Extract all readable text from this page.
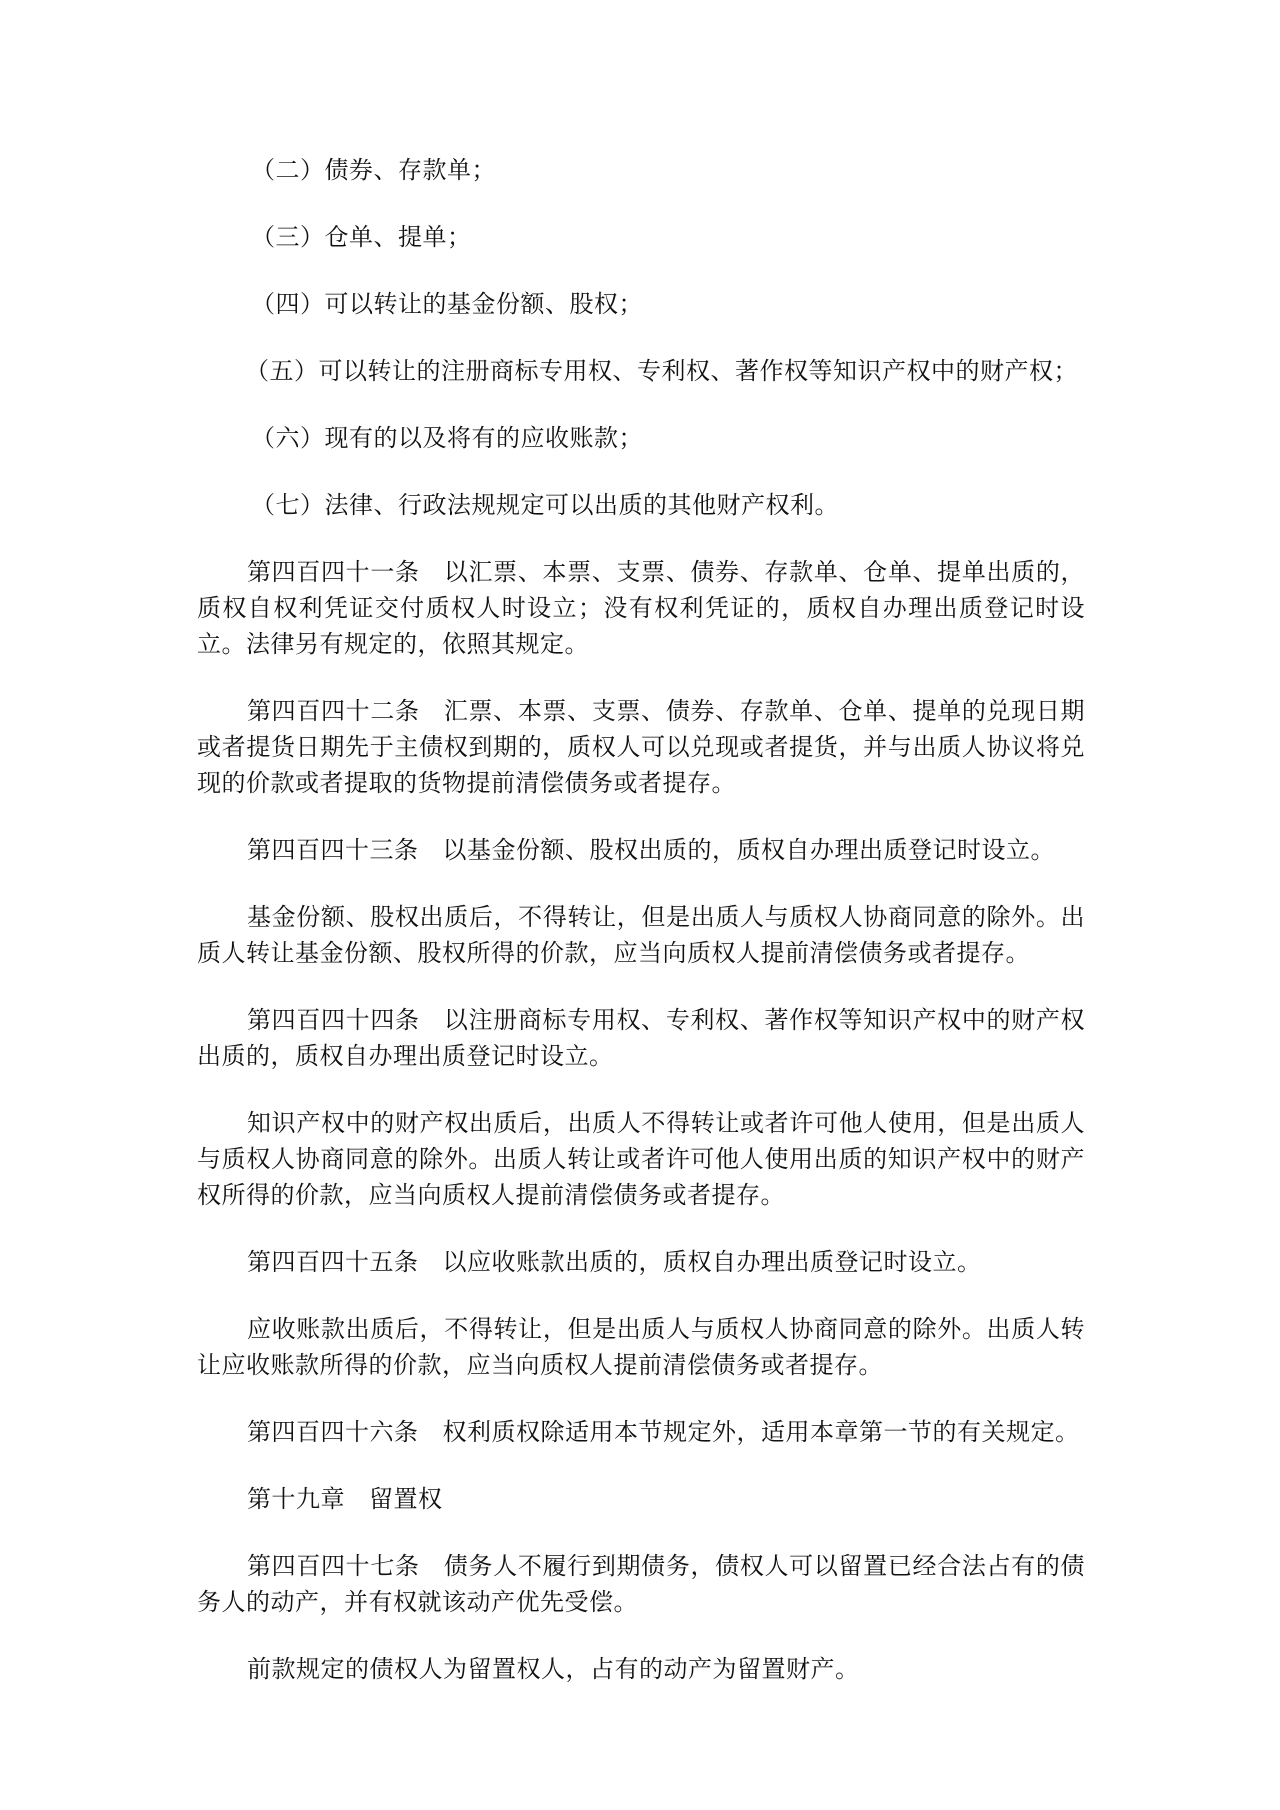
（二）债券、存款单；
（三）仓单、提单；
（四）可以转让的基金份额、股权；
（五）可以转让的注册商标专用权、专利权、著作权等知识产权中的财产权；
（六）现有的以及将有的应收账款；
（七）法律、行政法规规定可以出质的其他财产权利。

第四百四十一条 以汇票、本票、支票、债券、存款单、仓单、提单出质的，质权自权利凭证交付质权人时设立；没有权利凭证的，质权自办理出质登记时设立。法律另有规定的，依照其规定。

第四百四十二条 汇票、本票、支票、债券、存款单、仓单、提单的兑现日期或者提货日期先于主债权到期的，质权人可以兑现或者提货，并与出质人协议将兑现的价款或者提取的货物提前清偿债务或者提存。

第四百四十三条 以基金份额、股权出质的，质权自办理出质登记时设立。

基金份额、股权出质后，不得转让，但是出质人与质权人协商同意的除外。出质人转让基金份额、股权所得的价款，应当向质权人提前清偿债务或者提存。

第四百四十四条 以注册商标专用权、专利权、著作权等知识产权中的财产权出质的，质权自办理出质登记时设立。

知识产权中的财产权出质后，出质人不得转让或者许可他人使用，但是出质人与质权人协商同意的除外。出质人转让或者许可他人使用出质的知识产权中的财产权所得的价款，应当向质权人提前清偿债务或者提存。

第四百四十五条 以应收账款出质的，质权自办理出质登记时设立。

应收账款出质后，不得转让，但是出质人与质权人协商同意的除外。出质人转让应收账款所得的价款，应当向质权人提前清偿债务或者提存。

第四百四十六条 权利质权除适用本节规定外，适用本章第一节的有关规定。

第十九章 留置权

第四百四十七条 债务人不履行到期债务，债权人可以留置已经合法占有的债务人的动产，并有权就该动产优先受偿。

前款规定的债权人为留置权人，占有的动产为留置财产。
